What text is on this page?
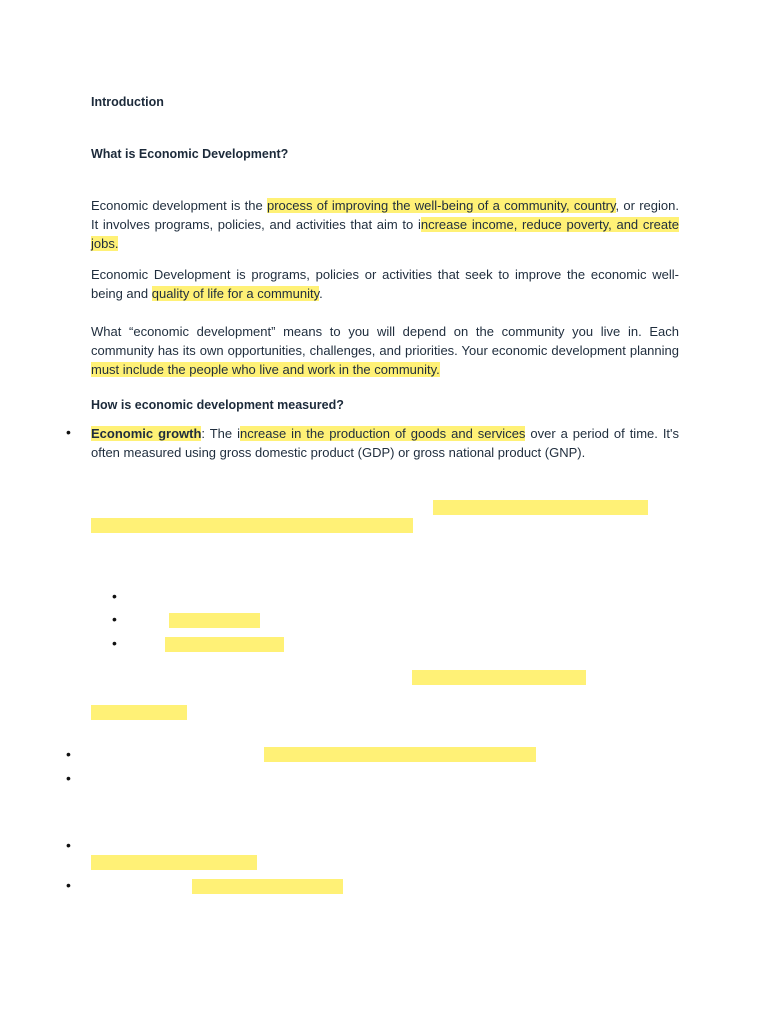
Introduction
What is Economic Development?
Economic development is the process of improving the well-being of a community, country, or region. It involves programs, policies, and activities that aim to increase income, reduce poverty, and create jobs.
Economic Development is programs, policies or activities that seek to improve the economic well-being and quality of life for a community.
What “economic development” means to you will depend on the community you live in. Each community has its own opportunities, challenges, and priorities. Your economic development planning must include the people who live and work in the community.
How is economic development measured?
• Economic growth: The increase in the production of goods and services over a period of time. It's often measured using gross domestic product (GDP) or gross national product (GNP).
•
•
•
•
•
•
•
